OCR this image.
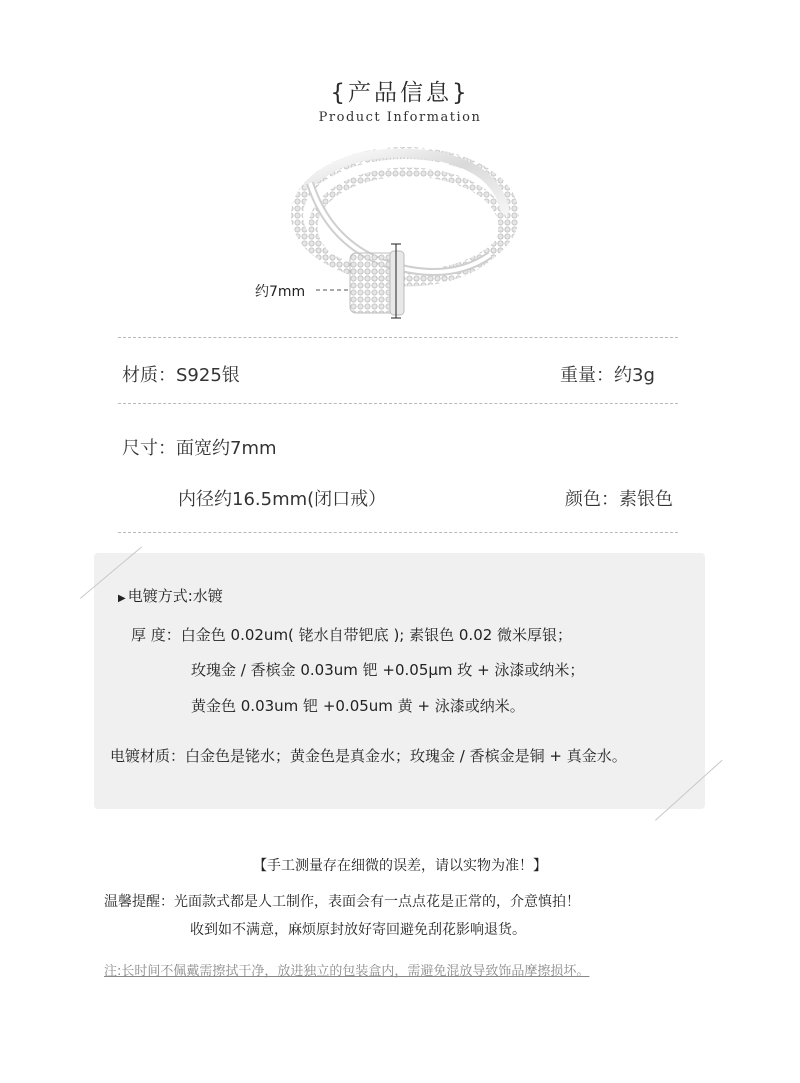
{产品信息}
Product Information
约7mm
材质：S925银	重量：约3g
尺寸：面宽约7mm
内径约16.5mm(闭口戒）	颜色：素银色
▶ 电镀方式:水镀
厚 度：白金色 0.02um( 铑水自带钯底 ); 素银色 0.02 微米厚银；
玫瑰金 / 香槟金 0.03um 钯 +0.05μm 玫 + 泳漆或纳米；
黄金色 0.03um 钯 +0.05um 黄 + 泳漆或纳米。
电镀材质：白金色是铑水；黄金色是真金水；玫瑰金 / 香槟金是铜 + 真金水。
【手工测量存在细微的误差，请以实物为准！】
温馨提醒：光面款式都是人工制作，表面会有一点点花是正常的，介意慎拍！
收到如不满意，麻烦原封放好寄回避免刮花影响退货。
注:长时间不佩戴需擦拭干净，放进独立的包装盒内，需避免混放导致饰品摩擦损坏。
